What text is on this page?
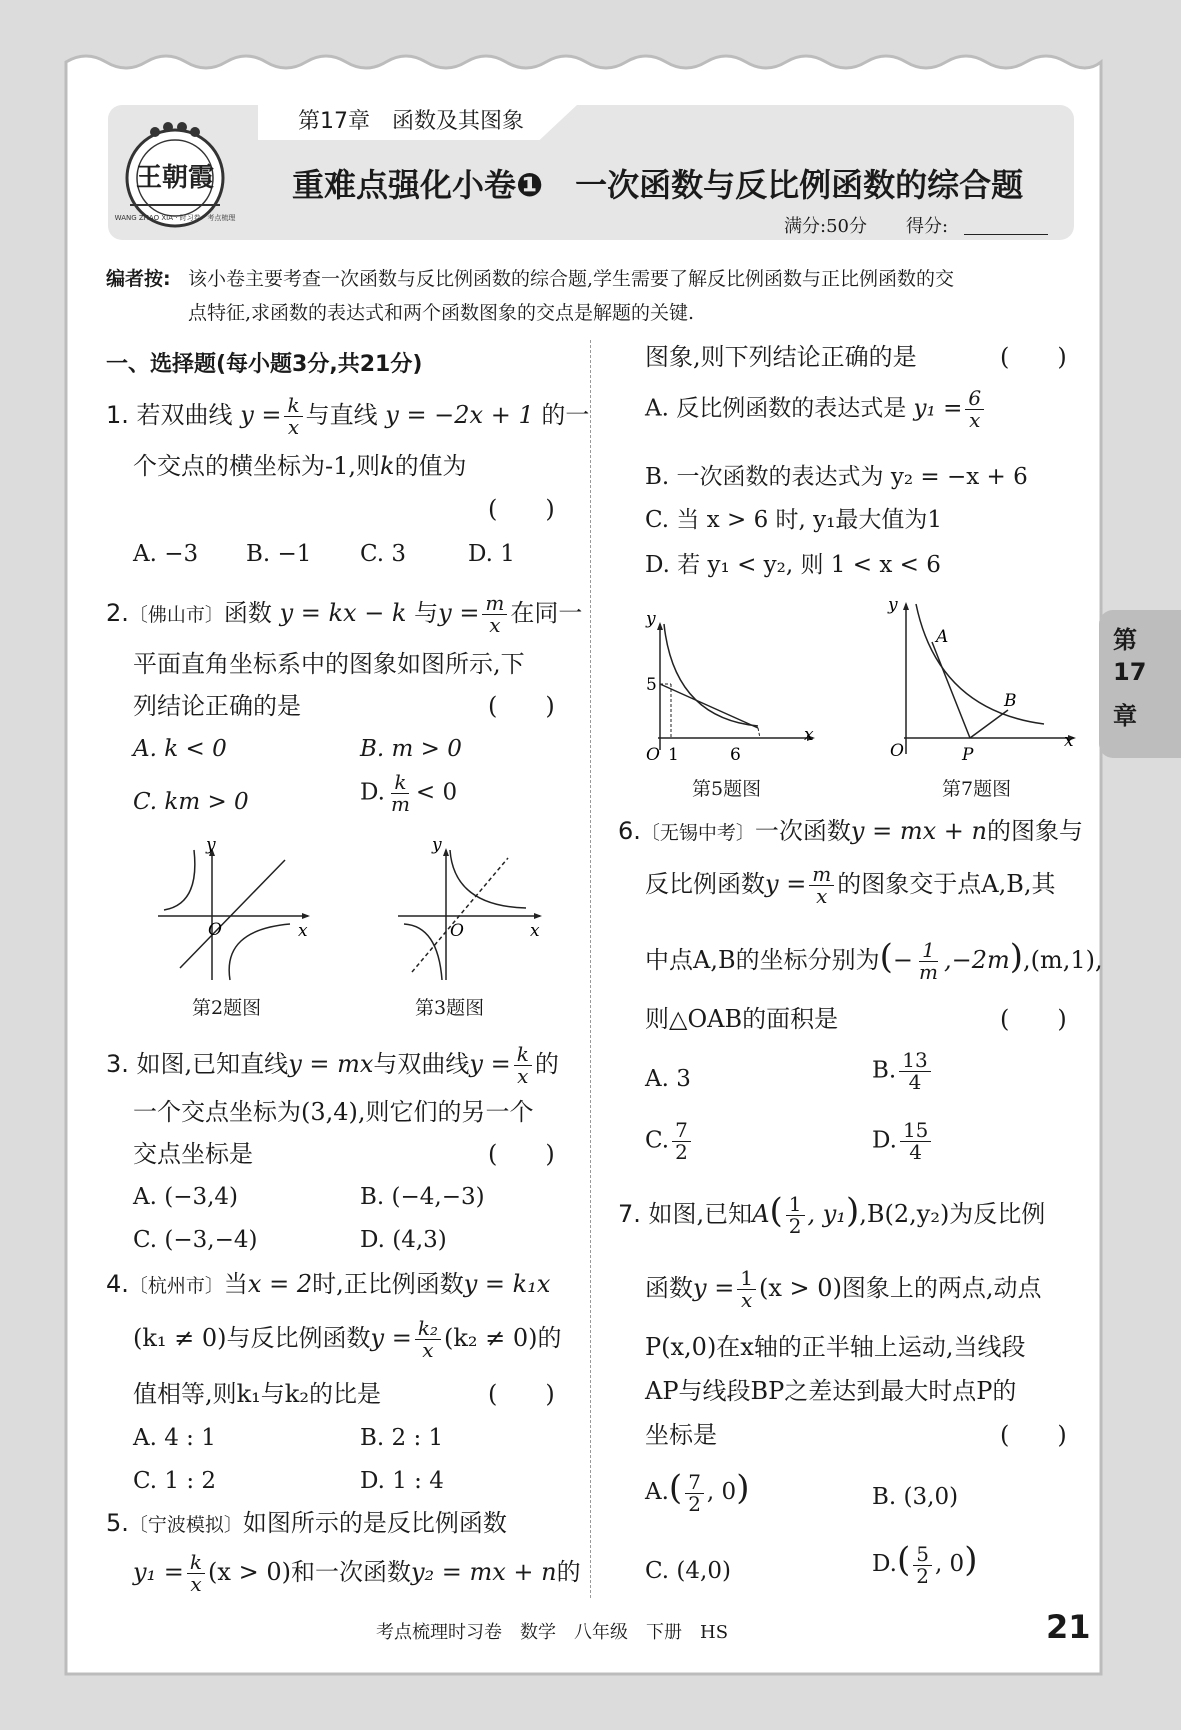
王朝霞
WANG ZHAO XIA · 时习卷 · 考点梳理
第17章　函数及其图象
重难点强化小卷❶　一次函数与反比例函数的综合题
满分:50分 得分:
编者按: 该小卷主要考查一次函数与反比例函数的综合题,学生需要了解反比例函数与正比例函数的交
点特征,求函数的表达式和两个函数图象的交点是解题的关键.
一、选择题(每小题3分,共21分)
1. 若双曲线 $y = \frac{k}{x}$ 与直线 y = −2x + 1 的一
个交点的横坐标为-1,则k的值为
(　　)
A. −3 B. −1 C. 3	D. 1
2.〔佛山市〕函数 y = kx − k 与$y = \frac{m}{x}$ 在同一
平面直角坐标系中的图象如图所示,下
列结论正确的是	(　　)
A. k < 0	B. m > 0
C. km > 0	D. $\frac{k}{m} < 0$
y
x
O
第2题图
y
x
O
第3题图
3. 如图,已知直线y = mx与双曲线$y = \frac{k}{x}$ 的
一个交点坐标为(3,4),则它们的另一个
交点坐标是	(　　)
A. (−3,4)	B. (−4,−3)
C. (−3,−4)	D. (4,3)
4.〔杭州市〕当x = 2时,正比例函数y = k₁x
(k₁ ≠ 0)与反比例函数$y = \frac{\text{k₂}}{x} (k_2 \ne 0)$的
值相等,则k₁与k₂的比是	(　　)
A. 4 : 1	B. 2 : 1
C. 1 : 2	D. 1 : 4
5.〔宁波模拟〕如图所示的是反比例函数
$y_1 = \frac{k}{x} (x > 0)$和一次函数y₂ = mx + n的
图象,则下列结论正确的是	(　　)
A. 反比例函数的表达式是 $y_1 = \frac{6}{x}$
B. 一次函数的表达式为 y₂ = −x + 6
C. 当 x > 6 时, y₁最大值为1
D. 若 y₁ < y₂, 则 1 < x < 6
y
x
O 1	6
5
第5题图
y
x
O
A
B
P
第7题图
6.〔无锡中考〕一次函数y = mx + n的图象与
反比例函数$y = \frac{m}{x}$ 的图象交于点A,B,其
中点A,B的坐标分别为(− $\frac{1}{m} ,-2m),(m,1)$,
则△OAB的面积是	(　　)
A. 3	B. $\frac{13}{4}$
C. $\frac{7}{2}$	D. $\frac{15}{4}$
7. 如图,已知$A( \frac{1}{2}$ , y₁),B(2,y₂)为反比例
函数$y = \frac{1}{x} (x > 0)$图象上的两点,动点
P(x,0)在x轴的正半轴上运动,当线段
AP与线段BP之差达到最大时点P的
坐标是	(　　)
$A.( \frac{7}{2}$ , 0)	B. (3,0)
C. (4,0)	$D.( \frac{5}{2}$ , 0)
第
17
章
考点梳理时习卷　数学　八年级　下册　HS	21
